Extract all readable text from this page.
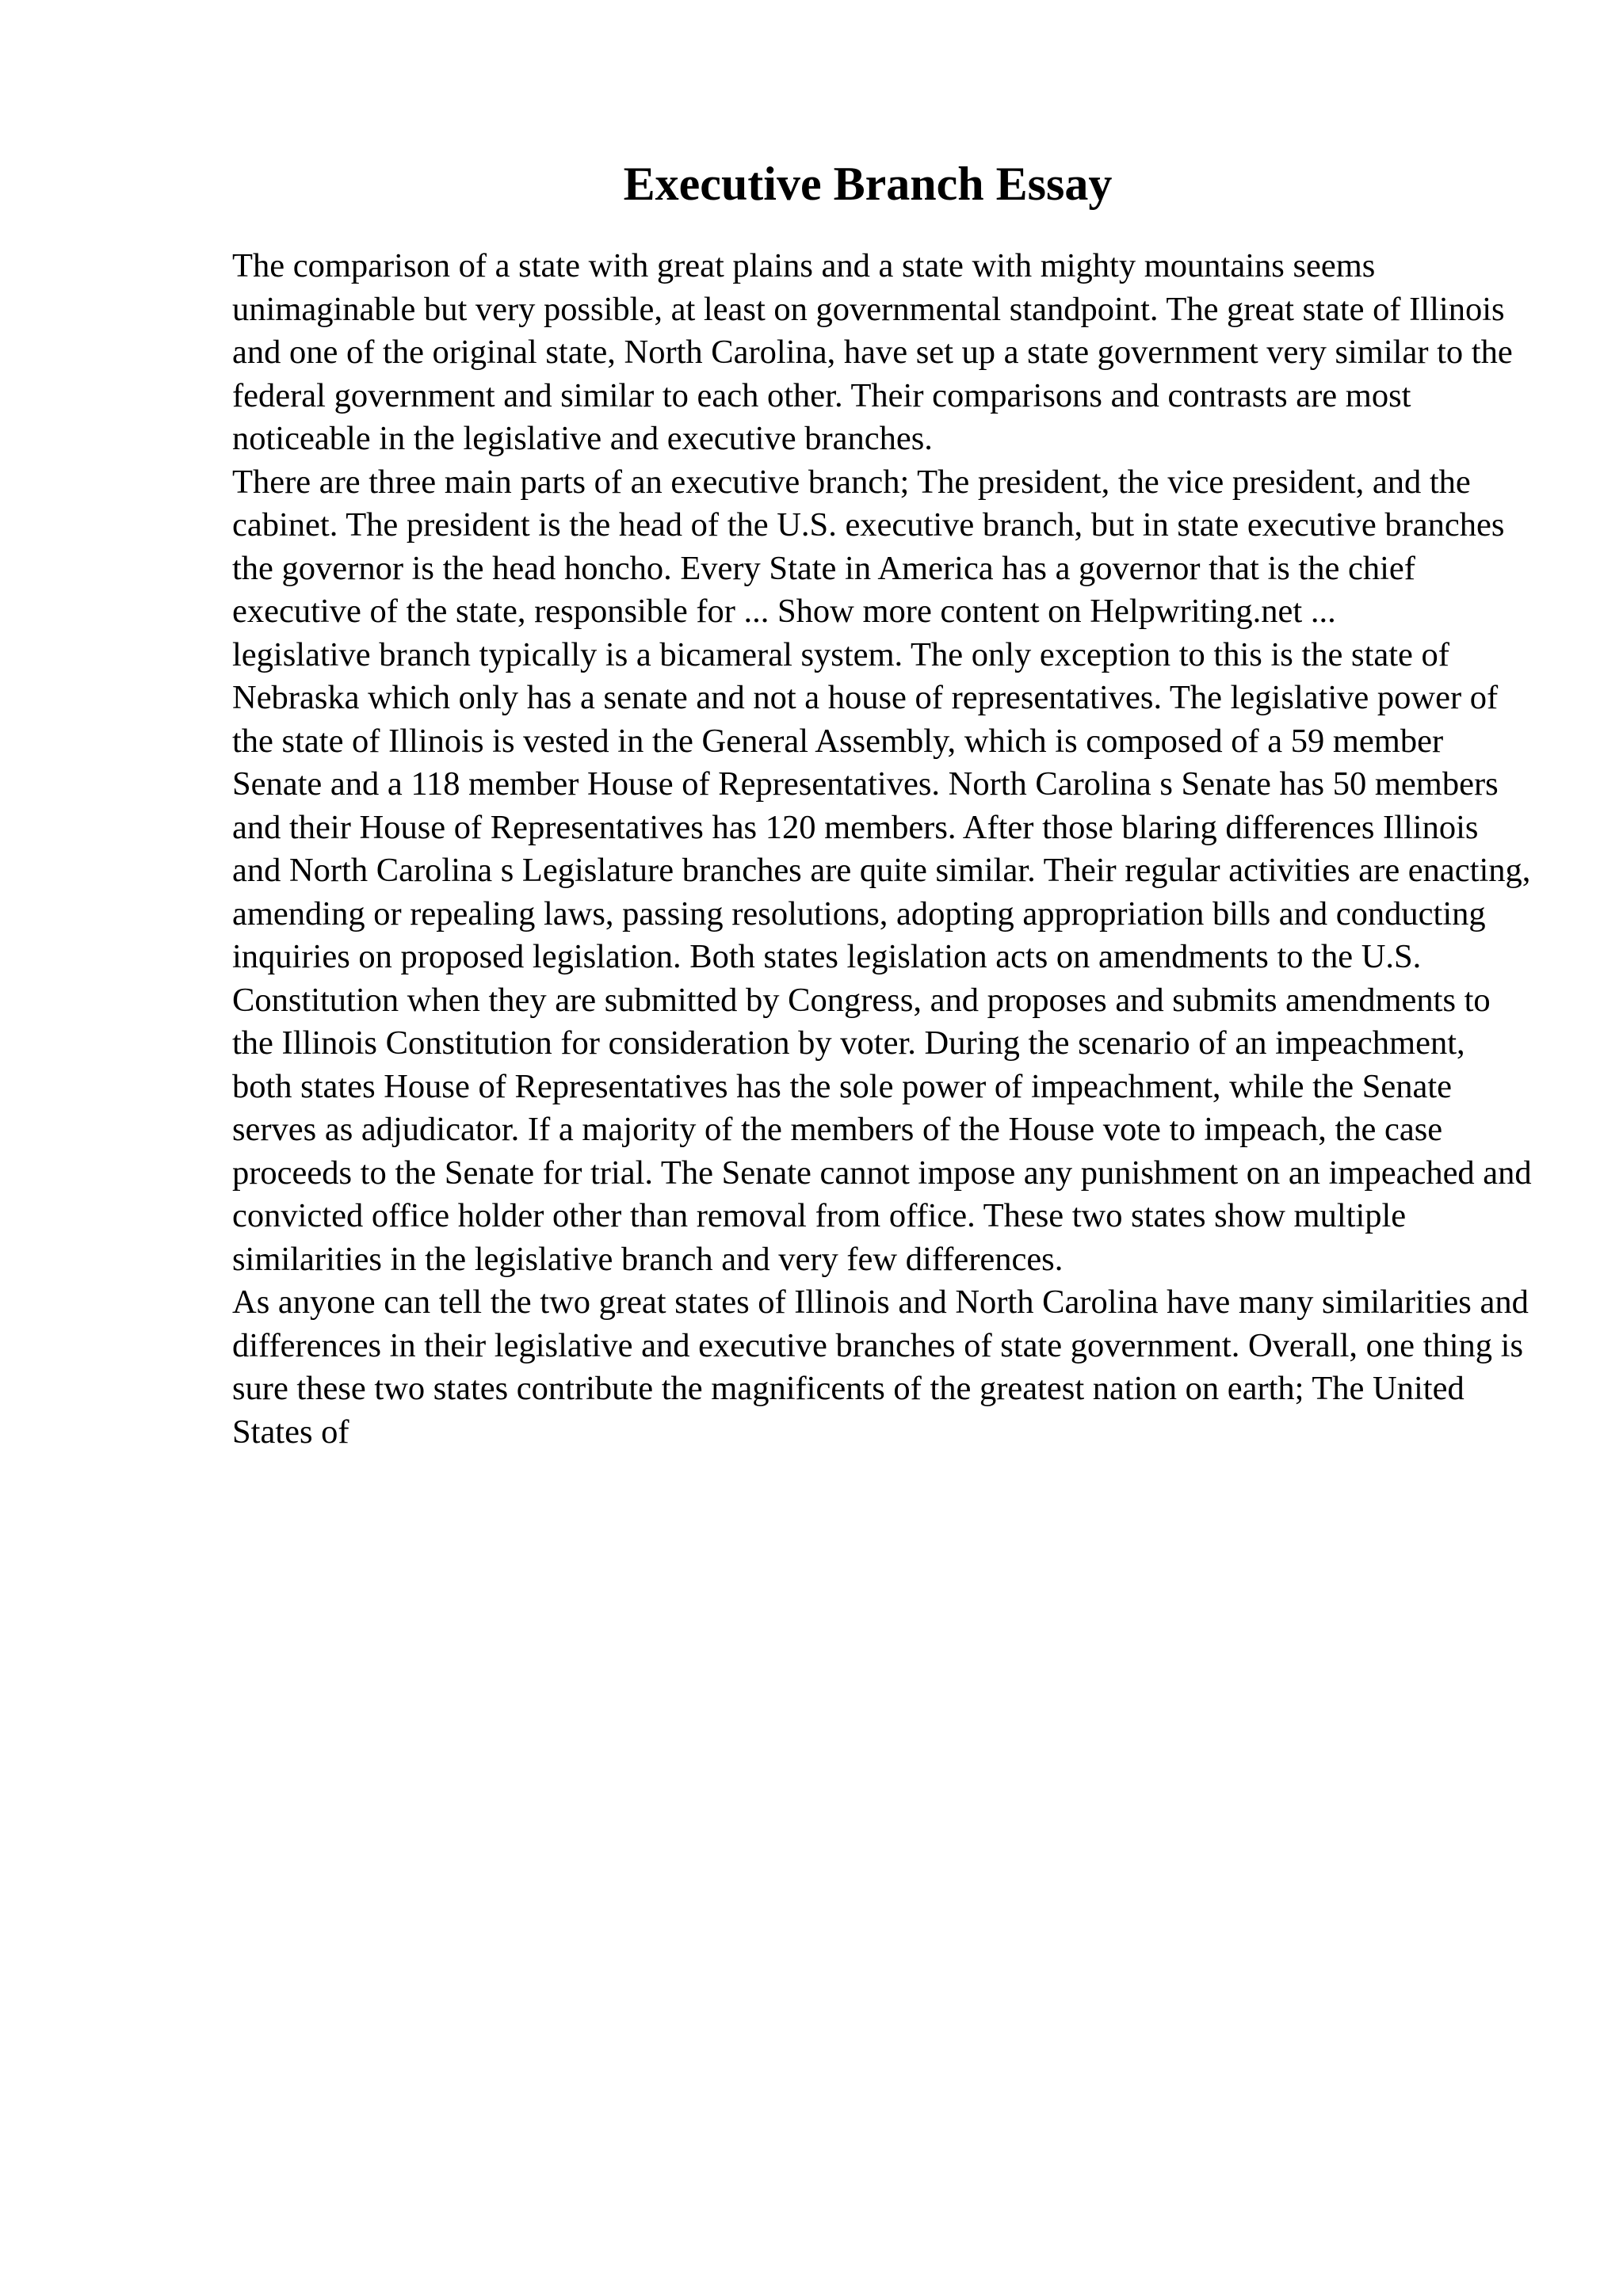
Executive Branch Essay

The comparison of a state with great plains and a state with mighty mountains seems unimaginable but very possible, at least on governmental standpoint. The great state of Illinois and one of the original state, North Carolina, have set up a state government very similar to the federal government and similar to each other. Their comparisons and contrasts are most noticeable in the legislative and executive branches.

There are three main parts of an executive branch; The president, the vice president, and the cabinet. The president is the head of the U.S. executive branch, but in state executive branches the governor is the head honcho. Every State in America has a governor that is the chief executive of the state, responsible for ... Show more content on Helpwriting.net ...

legislative branch typically is a bicameral system. The only exception to this is the state of Nebraska which only has a senate and not a house of representatives. The legislative power of the state of Illinois is vested in the General Assembly, which is composed of a 59 member Senate and a 118 member House of Representatives. North Carolina s Senate has 50 members and their House of Representatives has 120 members. After those blaring differences Illinois and North Carolina s Legislature branches are quite similar. Their regular activities are enacting, amending or repealing laws, passing resolutions, adopting appropriation bills and conducting inquiries on proposed legislation. Both states legislation acts on amendments to the U.S. Constitution when they are submitted by Congress, and proposes and submits amendments to the Illinois Constitution for consideration by voter. During the scenario of an impeachment, both states House of Representatives has the sole power of impeachment, while the Senate serves as adjudicator. If a majority of the members of the House vote to impeach, the case proceeds to the Senate for trial. The Senate cannot impose any punishment on an impeached and convicted office holder other than removal from office. These two states show multiple similarities in the legislative branch and very few differences.

As anyone can tell the two great states of Illinois and North Carolina have many similarities and differences in their legislative and executive branches of state government. Overall, one thing is sure these two states contribute the magnificents of the greatest nation on earth; The United States of
